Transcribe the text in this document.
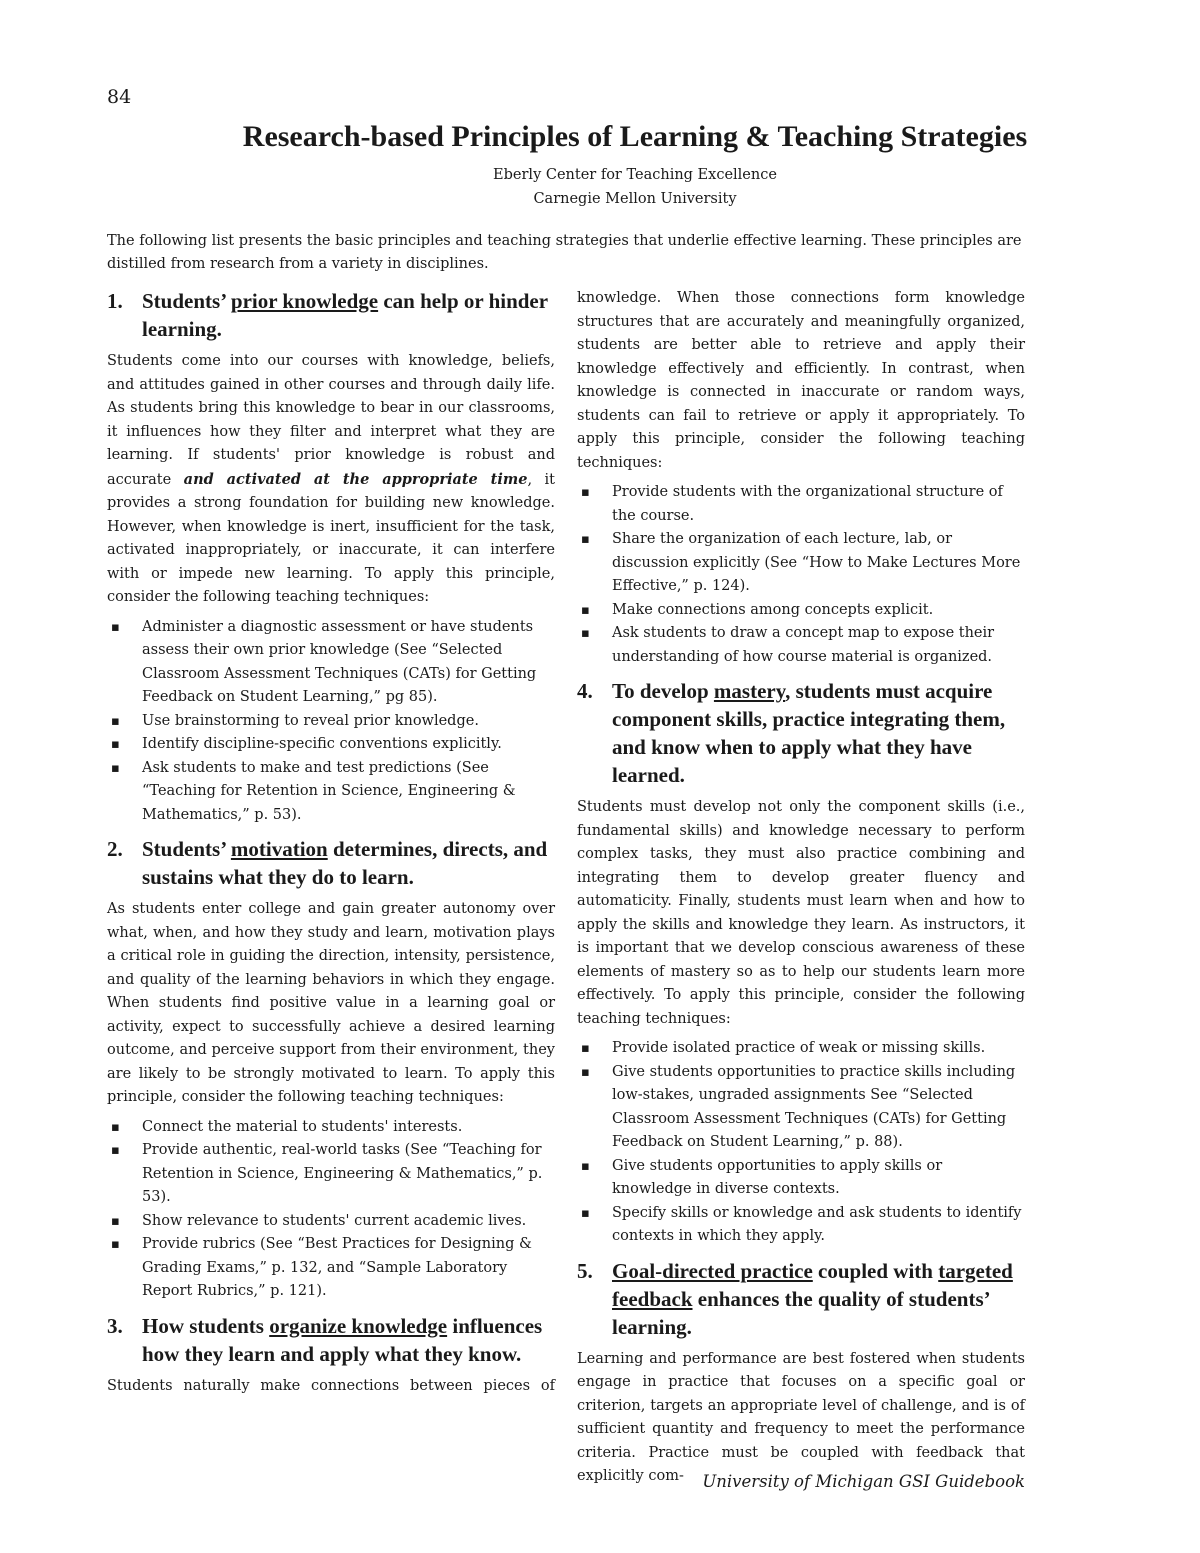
84
Research-based Principles of Learning & Teaching Strategies
Eberly Center for Teaching Excellence
Carnegie Mellon University

The following list presents the basic principles and teaching strategies that underlie effective learning. These principles are distilled from research from a variety in disciplines.

1. Students’ prior knowledge can help or hinder learning.

Students come into our courses with knowledge, beliefs, and attitudes gained in other courses and through daily life. As students bring this knowledge to bear in our classrooms, it influences how they filter and interpret what they are learning. If students' prior knowledge is robust and accurate and activated at the appropriate time, it provides a strong foundation for building new knowledge. However, when knowledge is inert, insufficient for the task, activated inappropriately, or inaccurate, it can interfere with or impede new learning. To apply this principle, consider the following teaching techniques:

▪ Administer a diagnostic assessment or have students assess their own prior knowledge (See “Selected Classroom Assessment Techniques (CATs) for Getting Feedback on Student Learning,” pg 85).
▪ Use brainstorming to reveal prior knowledge.
▪ Identify discipline-specific conventions explicitly.
▪ Ask students to make and test predictions (See “Teaching for Retention in Science, Engineering & Mathematics,” p. 53).
2. Students’ motivation determines, directs, and sustains what they do to learn.

As students enter college and gain greater autonomy over what, when, and how they study and learn, motivation plays a critical role in guiding the direction, intensity, persistence, and quality of the learning behaviors in which they engage. When students find positive value in a learning goal or activity, expect to successfully achieve a desired learning outcome, and perceive support from their environment, they are likely to be strongly motivated to learn. To apply this principle, consider the following teaching techniques:

▪ Connect the material to students' interests.
▪ Provide authentic, real-world tasks (See “Teaching for Retention in Science, Engineering & Mathematics,” p. 53).
▪ Show relevance to students' current academic lives.
▪ Provide rubrics (See “Best Practices for Designing & Grading Exams,” p. 132, and “Sample Laboratory Report Rubrics,” p. 121).
3. How students organize knowledge influences how they learn and apply what they know.

Students naturally make connections between pieces of

knowledge. When those connections form knowledge structures that are accurately and meaningfully organized, students are better able to retrieve and apply their knowledge effectively and efficiently. In contrast, when knowledge is connected in inaccurate or random ways, students can fail to retrieve or apply it appropriately. To apply this principle, consider the following teaching techniques:

▪ Provide students with the organizational structure of the course.
▪ Share the organization of each lecture, lab, or discussion explicitly (See “How to Make Lectures More Effective,” p. 124).
▪ Make connections among concepts explicit.
▪ Ask students to draw a concept map to expose their understanding of how course material is organized.
4. To develop mastery, students must acquire component skills, practice integrating them, and know when to apply what they have learned.

Students must develop not only the component skills (i.e., fundamental skills) and knowledge necessary to perform complex tasks, they must also practice combining and integrating them to develop greater fluency and automaticity. Finally, students must learn when and how to apply the skills and knowledge they learn. As instructors, it is important that we develop conscious awareness of these elements of mastery so as to help our students learn more effectively. To apply this principle, consider the following teaching techniques:

▪ Provide isolated practice of weak or missing skills.
▪ Give students opportunities to practice skills including low-stakes, ungraded assignments See “Selected Classroom Assessment Techniques (CATs) for Getting Feedback on Student Learning,” p. 88).
▪ Give students opportunities to apply skills or knowledge in diverse contexts.
▪ Specify skills or knowledge and ask students to identify contexts in which they apply.
5. Goal-directed practice coupled with targeted feedback enhances the quality of students’ learning.

Learning and performance are best fostered when students engage in practice that focuses on a specific goal or criterion, targets an appropriate level of challenge, and is of sufficient quantity and frequency to meet the performance criteria. Practice must be coupled with feedback that explicitly com-	University of Michigan GSI Guidebook
